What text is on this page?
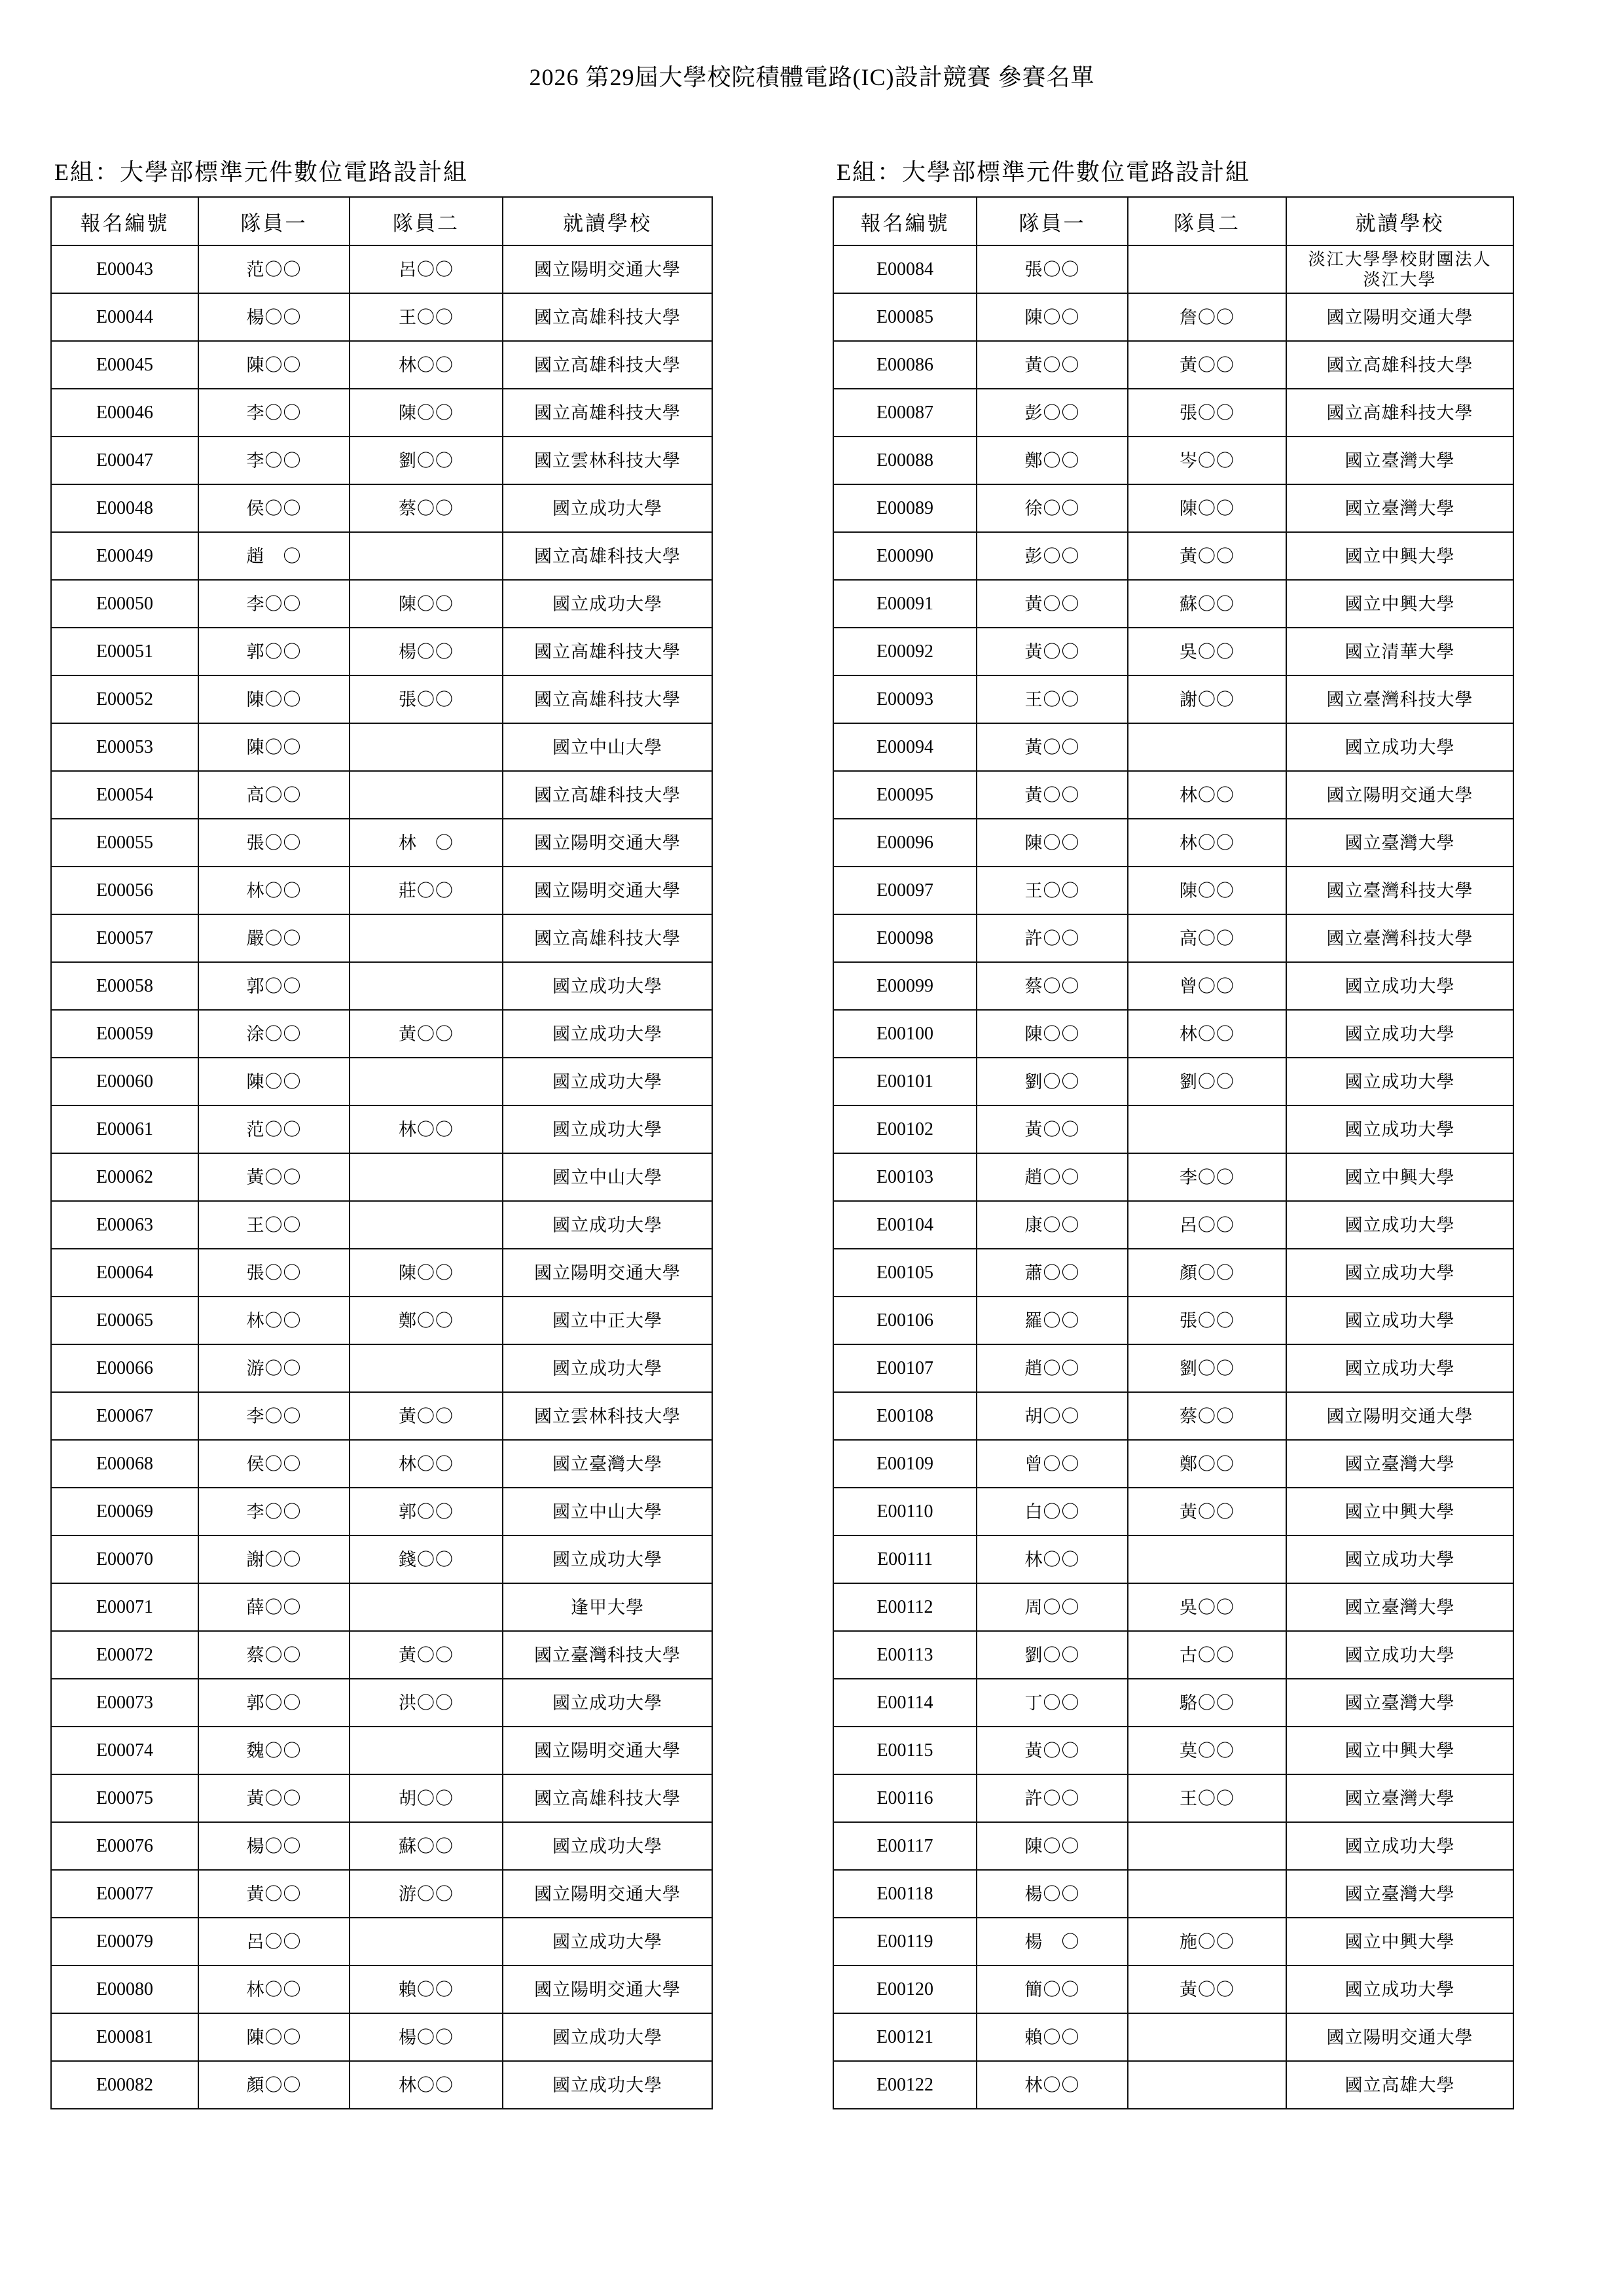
2026 第29屆大學校院積體電路(IC)設計競賽 參賽名單
E組：大學部標準元件數位電路設計組
報名編號	隊員一	隊員二	就讀學校
E00043	范〇〇	呂〇〇	國立陽明交通大學
E00044	楊〇〇	王〇〇	國立高雄科技大學
E00045	陳〇〇	林〇〇	國立高雄科技大學
E00046	李〇〇	陳〇〇	國立高雄科技大學
E00047	李〇〇	劉〇〇	國立雲林科技大學
E00048	侯〇〇	蔡〇〇	國立成功大學
E00049	趙　〇		國立高雄科技大學
E00050	李〇〇	陳〇〇	國立成功大學
E00051	郭〇〇	楊〇〇	國立高雄科技大學
E00052	陳〇〇	張〇〇	國立高雄科技大學
E00053	陳〇〇		國立中山大學
E00054	高〇〇		國立高雄科技大學
E00055	張〇〇	林　〇	國立陽明交通大學
E00056	林〇〇	莊〇〇	國立陽明交通大學
E00057	嚴〇〇		國立高雄科技大學
E00058	郭〇〇		國立成功大學
E00059	涂〇〇	黃〇〇	國立成功大學
E00060	陳〇〇		國立成功大學
E00061	范〇〇	林〇〇	國立成功大學
E00062	黃〇〇		國立中山大學
E00063	王〇〇		國立成功大學
E00064	張〇〇	陳〇〇	國立陽明交通大學
E00065	林〇〇	鄭〇〇	國立中正大學
E00066	游〇〇		國立成功大學
E00067	李〇〇	黃〇〇	國立雲林科技大學
E00068	侯〇〇	林〇〇	國立臺灣大學
E00069	李〇〇	郭〇〇	國立中山大學
E00070	謝〇〇	錢〇〇	國立成功大學
E00071	薛〇〇		逢甲大學
E00072	蔡〇〇	黃〇〇	國立臺灣科技大學
E00073	郭〇〇	洪〇〇	國立成功大學
E00074	魏〇〇		國立陽明交通大學
E00075	黃〇〇	胡〇〇	國立高雄科技大學
E00076	楊〇〇	蘇〇〇	國立成功大學
E00077	黃〇〇	游〇〇	國立陽明交通大學
E00079	呂〇〇		國立成功大學
E00080	林〇〇	賴〇〇	國立陽明交通大學
E00081	陳〇〇	楊〇〇	國立成功大學
E00082	顏〇〇	林〇〇	國立成功大學
E組：大學部標準元件數位電路設計組
報名編號	隊員一	隊員二	就讀學校
E00084	張〇〇		淡江大學學校財團法人
淡江大學
E00085	陳〇〇	詹〇〇	國立陽明交通大學
E00086	黃〇〇	黃〇〇	國立高雄科技大學
E00087	彭〇〇	張〇〇	國立高雄科技大學
E00088	鄭〇〇	岑〇〇	國立臺灣大學
E00089	徐〇〇	陳〇〇	國立臺灣大學
E00090	彭〇〇	黃〇〇	國立中興大學
E00091	黃〇〇	蘇〇〇	國立中興大學
E00092	黃〇〇	吳〇〇	國立清華大學
E00093	王〇〇	謝〇〇	國立臺灣科技大學
E00094	黃〇〇		國立成功大學
E00095	黃〇〇	林〇〇	國立陽明交通大學
E00096	陳〇〇	林〇〇	國立臺灣大學
E00097	王〇〇	陳〇〇	國立臺灣科技大學
E00098	許〇〇	高〇〇	國立臺灣科技大學
E00099	蔡〇〇	曾〇〇	國立成功大學
E00100	陳〇〇	林〇〇	國立成功大學
E00101	劉〇〇	劉〇〇	國立成功大學
E00102	黃〇〇		國立成功大學
E00103	趙〇〇	李〇〇	國立中興大學
E00104	康〇〇	呂〇〇	國立成功大學
E00105	蕭〇〇	顏〇〇	國立成功大學
E00106	羅〇〇	張〇〇	國立成功大學
E00107	趙〇〇	劉〇〇	國立成功大學
E00108	胡〇〇	蔡〇〇	國立陽明交通大學
E00109	曾〇〇	鄭〇〇	國立臺灣大學
E00110	白〇〇	黃〇〇	國立中興大學
E00111	林〇〇		國立成功大學
E00112	周〇〇	吳〇〇	國立臺灣大學
E00113	劉〇〇	古〇〇	國立成功大學
E00114	丁〇〇	駱〇〇	國立臺灣大學
E00115	黃〇〇	莫〇〇	國立中興大學
E00116	許〇〇	王〇〇	國立臺灣大學
E00117	陳〇〇		國立成功大學
E00118	楊〇〇		國立臺灣大學
E00119	楊　〇	施〇〇	國立中興大學
E00120	簡〇〇	黃〇〇	國立成功大學
E00121	賴〇〇		國立陽明交通大學
E00122	林〇〇		國立高雄大學
